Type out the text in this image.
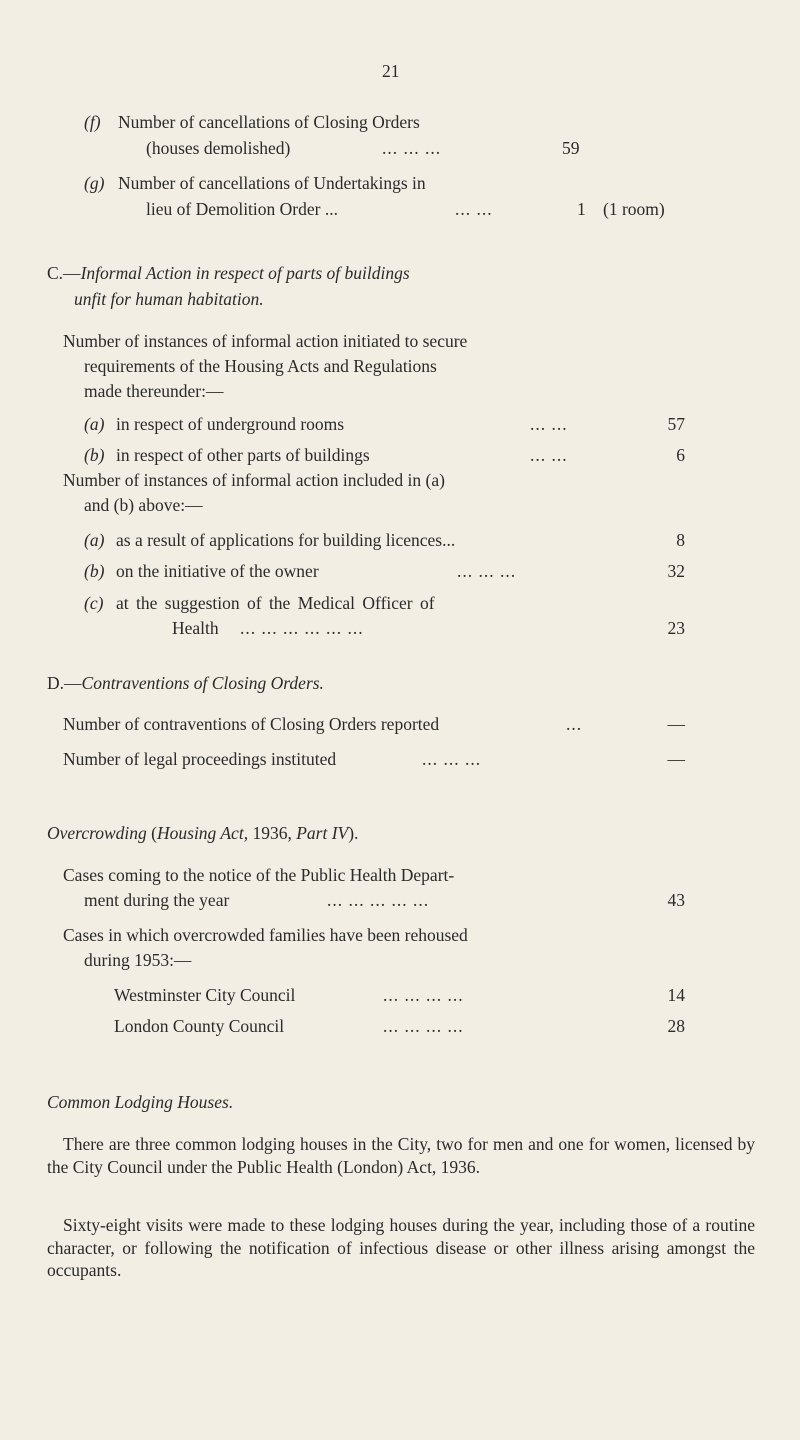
21
(f) Number of cancellations of Closing Orders
(houses demolished)	... ... ...	59
(g) Number of cancellations of Undertakings in
lieu of Demolition Order ...	... ...	1 (1 room)
C.—Informal Action in respect of parts of buildings
unfit for human habitation.
Number of instances of informal action initiated to secure
requirements of the Housing Acts and Regulations
made thereunder:—
(a) in respect of underground rooms	... ...	57
(b) in respect of other parts of buildings	... ...	6
Number of instances of informal action included in (a)
and (b) above:—
(a) as a result of applications for building licences...	8
(b) on the initiative of the owner	... ... ...	32
(c) at the suggestion of the Medical Officer of
Health ... ... ... ... ... ...	23
D.—Contraventions of Closing Orders.
Number of contraventions of Closing Orders reported	...	—
Number of legal proceedings instituted	... ... ...	—
Overcrowding (Housing Act, 1936, Part IV).
Cases coming to the notice of the Public Health Depart-
ment during the year	... ... ... ... ...	43
Cases in which overcrowded families have been rehoused
during 1953:—
Westminster City Council	... ... ... ...	14
London County Council	... ... ... ...	28
Common Lodging Houses.
There are three common lodging houses in the City, two for men and one for women, licensed by the City Council under the Public Health (London) Act, 1936.
Sixty-eight visits were made to these lodging houses during the year, including those of a routine character, or following the notification of infectious disease or other illness arising amongst the occupants.
